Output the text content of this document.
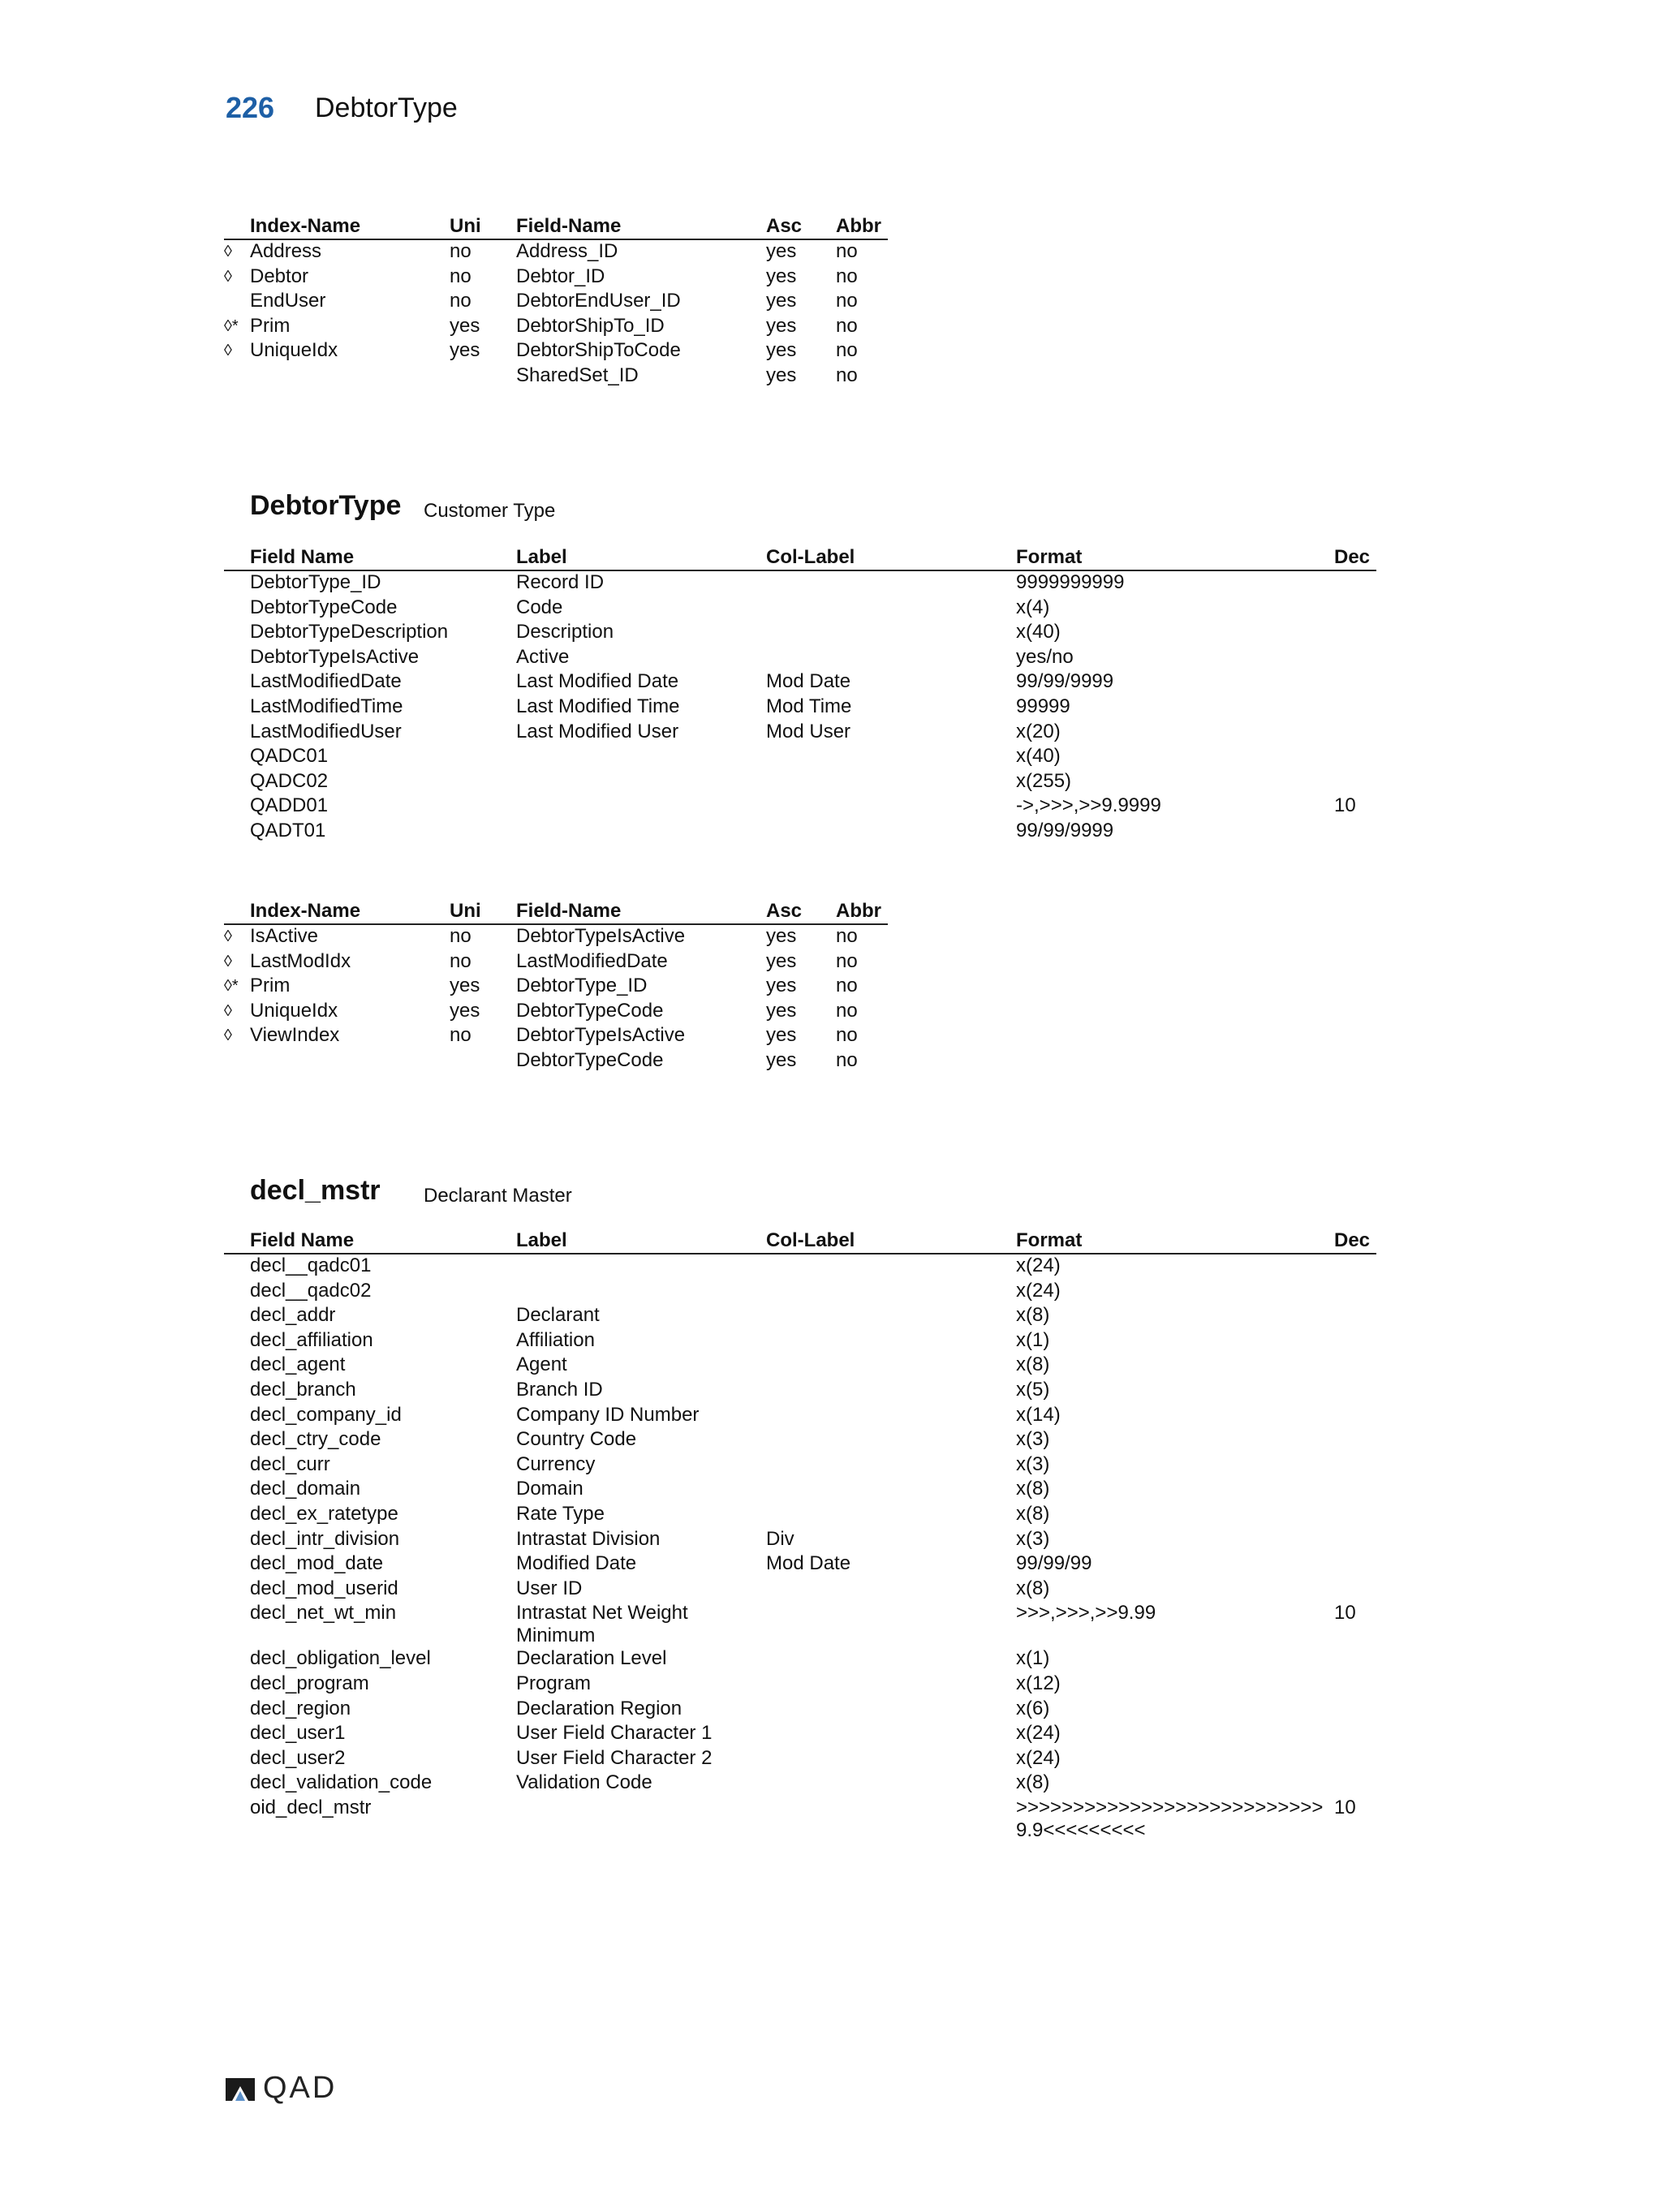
226 DebtorType
	Index-Name	Uni	Field-Name	Asc	Abbr
◊	Address	no	Address_ID	yes	no
◊	Debtor	no	Debtor_ID	yes	no
	EndUser	no	DebtorEndUser_ID	yes	no
◊*	Prim	yes	DebtorShipTo_ID	yes	no
◊	UniqueIdx	yes	DebtorShipToCode	yes	no
			SharedSet_ID	yes	no
DebtorType Customer Type
	Field Name	Label	Col-Label	Format	Dec
	DebtorType_ID	Record ID		9999999999	
	DebtorTypeCode	Code		x(4)	
	DebtorTypeDescription	Description		x(40)	
	DebtorTypeIsActive	Active		yes/no	
	LastModifiedDate	Last Modified Date	Mod Date	99/99/9999	
	LastModifiedTime	Last Modified Time	Mod Time	99999	
	LastModifiedUser	Last Modified User	Mod User	x(20)	
	QADC01			x(40)	
	QADC02			x(255)	
	QADD01			->,>>>,>>9.9999	10
	QADT01			99/99/9999	
	Index-Name	Uni	Field-Name	Asc	Abbr
◊	IsActive	no	DebtorTypeIsActive	yes	no
◊	LastModIdx	no	LastModifiedDate	yes	no
◊*	Prim	yes	DebtorType_ID	yes	no
◊	UniqueIdx	yes	DebtorTypeCode	yes	no
◊	ViewIndex	no	DebtorTypeIsActive	yes	no
			DebtorTypeCode	yes	no
decl_mstr Declarant Master
	Field Name	Label	Col-Label	Format	Dec
	decl__qadc01			x(24)	
	decl__qadc02			x(24)	
	decl_addr	Declarant		x(8)	
	decl_affiliation	Affiliation		x(1)	
	decl_agent	Agent		x(8)	
	decl_branch	Branch ID		x(5)	
	decl_company_id	Company ID Number		x(14)	
	decl_ctry_code	Country Code		x(3)	
	decl_curr	Currency		x(3)	
	decl_domain	Domain		x(8)	
	decl_ex_ratetype	Rate Type		x(8)	
	decl_intr_division	Intrastat Division	Div	x(3)	
	decl_mod_date	Modified Date	Mod Date	99/99/99	
	decl_mod_userid	User ID		x(8)	
	decl_net_wt_min	Intrastat Net Weight Minimum		>>>,>>>,>>9.99	10
	decl_obligation_level	Declaration Level		x(1)	
	decl_program	Program		x(12)	
	decl_region	Declaration Region		x(6)	
	decl_user1	User Field Character 1		x(24)	
	decl_user2	User Field Character 2		x(24)	
	decl_validation_code	Validation Code		x(8)	
	oid_decl_mstr			>>>>>>>>>>>>>>>>>>>>>>>>>>>9.9<<<<<<<<<	10
QAD
